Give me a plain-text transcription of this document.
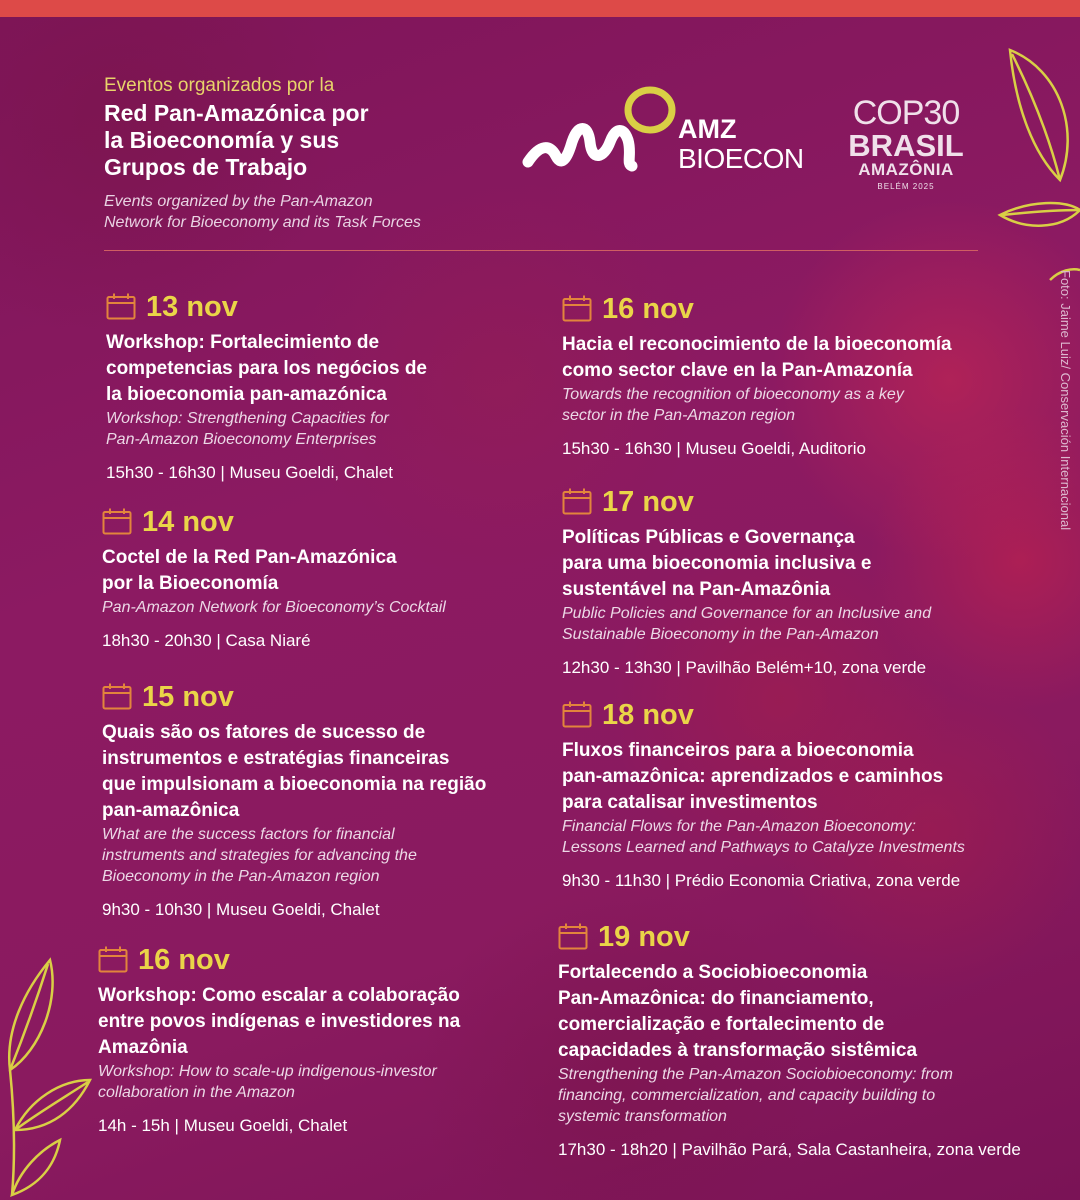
Eventos organizados por la
Red Pan-Amazónica por
la Bioeconomía y sus
Grupos de Trabajo
Events organized by the Pan-Amazon
Network for Bioeconomy and its Task Forces
AMZ
BIOECON
COP30
BRASIL
AMAZÔNIA
BELÉM 2025
Foto: Jaime Luiz/ Conservación Internacional
13 nov
Workshop: Fortalecimiento de
competencias para los negócios de
la bioeconomia pan-amazónica
Workshop: Strengthening Capacities for
Pan-Amazon Bioeconomy Enterprises
15h30 - 16h30 | Museu Goeldi, Chalet
14 nov
Coctel de la Red Pan-Amazónica
por la Bioeconomía
Pan-Amazon Network for Bioeconomy’s Cocktail
18h30 - 20h30 | Casa Niaré
15 nov
Quais são os fatores de sucesso de
instrumentos e estratégias financeiras
que impulsionam a bioeconomia na região
pan-amazônica
What are the success factors for financial
instruments and strategies for advancing the
Bioeconomy in the Pan-Amazon region
9h30 - 10h30 | Museu Goeldi, Chalet
16 nov
Workshop: Como escalar a colaboração
entre povos indígenas e investidores na
Amazônia
Workshop: How to scale-up indigenous-investor
collaboration in the Amazon
14h - 15h | Museu Goeldi, Chalet
16 nov
Hacia el reconocimiento de la bioeconomía
como sector clave en la Pan-Amazonía
Towards the recognition of bioeconomy as a key
sector in the Pan-Amazon region
15h30 - 16h30 | Museu Goeldi, Auditorio
17 nov
Políticas Públicas e Governança
para uma bioeconomia inclusiva e
sustentável na Pan-Amazônia
Public Policies and Governance for an Inclusive and
Sustainable Bioeconomy in the Pan-Amazon
12h30 - 13h30 | Pavilhão Belém+10, zona verde
18 nov
Fluxos financeiros para a bioeconomia
pan-amazônica: aprendizados e caminhos
para catalisar investimentos
Financial Flows for the Pan-Amazon Bioeconomy:
Lessons Learned and Pathways to Catalyze Investments
9h30 - 11h30 | Prédio Economia Criativa, zona verde
19 nov
Fortalecendo a Sociobioeconomia
Pan-Amazônica: do financiamento,
comercialização e fortalecimento de
capacidades à transformação sistêmica
Strengthening the Pan-Amazon Sociobioeconomy: from
financing, commercialization, and capacity building to
systemic transformation
17h30 - 18h20 | Pavilhão Pará, Sala Castanheira, zona verde
